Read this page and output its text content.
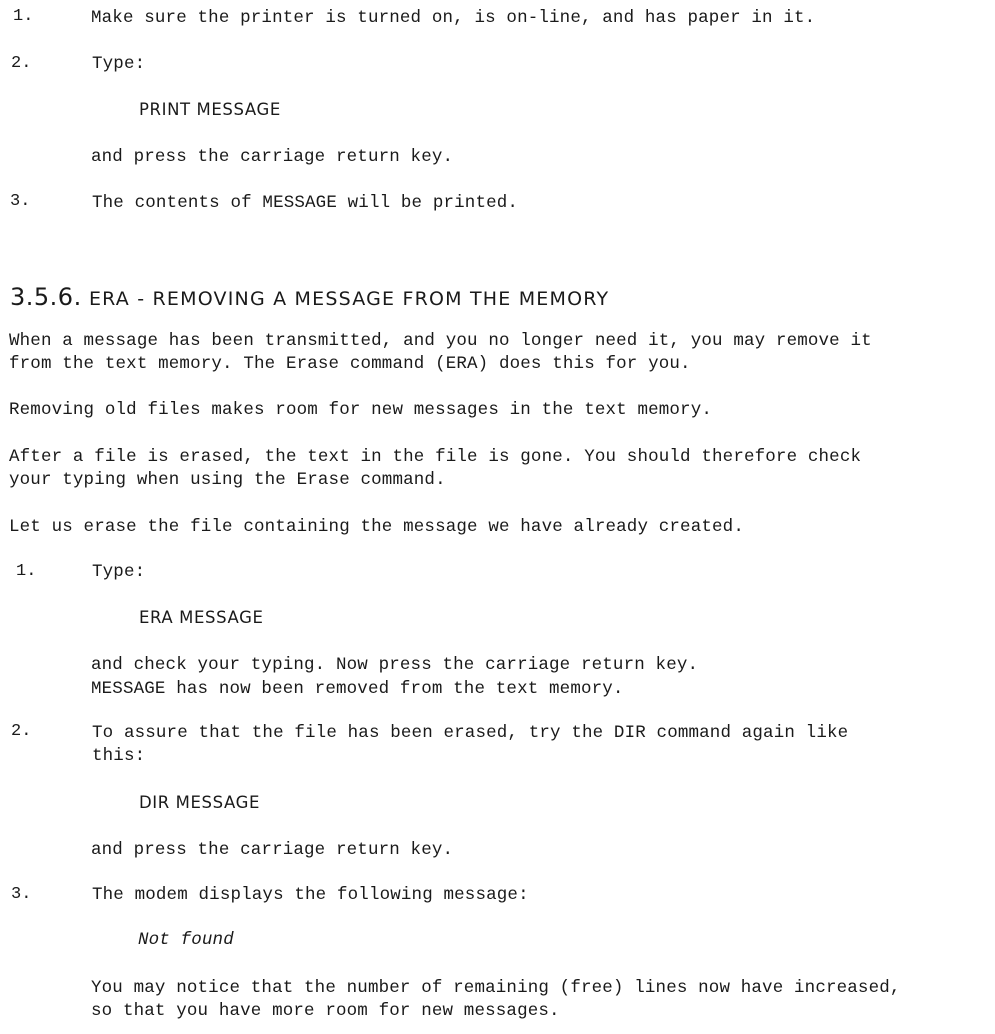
1.	Make sure the printer is turned on, is on-line, and has paper in it.
2.	Type:
PRINT MESSAGE
and press the carriage return key.
3.	The contents of MESSAGE will be printed.
3.5.6. ERA - REMOVING A MESSAGE FROM THE MEMORY
When a message has been transmitted, and you no longer need it, you may remove it
from the text memory. The Erase command (ERA) does this for you.
Removing old files makes room for new messages in the text memory.
After a file is erased, the text in the file is gone. You should therefore check
your typing when using the Erase command.
Let us erase the file containing the message we have already created.
1.	Type:
ERA MESSAGE
and check your typing. Now press the carriage return key.
MESSAGE has now been removed from the text memory.
2.	To assure that the file has been erased, try the DIR command again like
this:
DIR MESSAGE
and press the carriage return key.
3.	The modem displays the following message:
Not found
You may notice that the number of remaining (free) lines now have increased,
so that you have more room for new messages.
